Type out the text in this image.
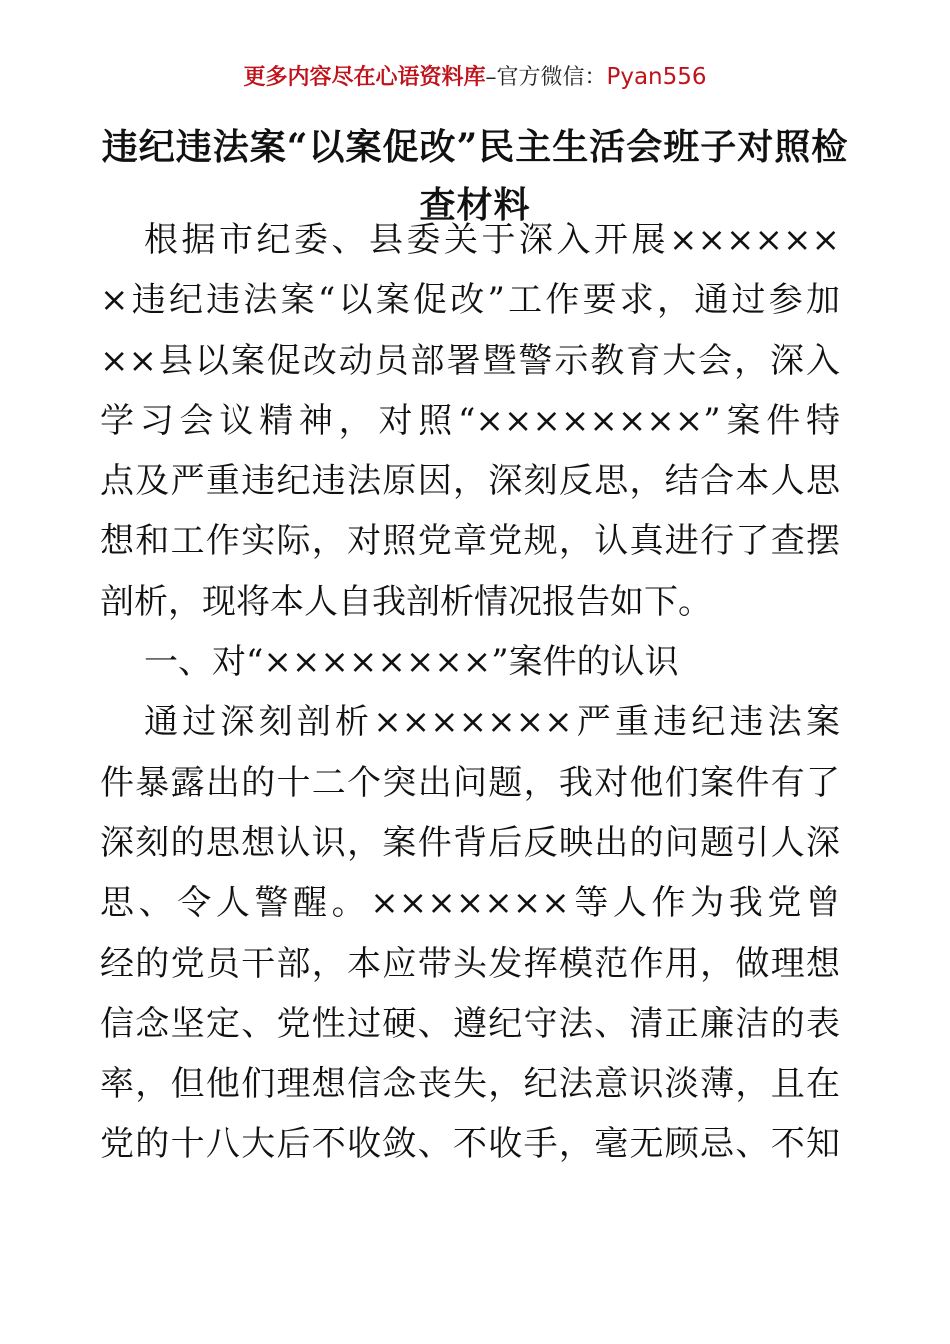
更多内容尽在心语资料库–官方微信：Pyan556
违纪违法案“以案促改”民主生活会班子对照检
查材料
根据市纪委、县委关于深入开展××××××
×违纪违法案“以案促改”工作要求，通过参加
××县以案促改动员部署暨警示教育大会，深入
学习会议精神，对照“××××××××”案件特
点及严重违纪违法原因，深刻反思，结合本人思
想和工作实际，对照党章党规，认真进行了查摆
剖析，现将本人自我剖析情况报告如下。
一、对“××××××××”案件的认识
通过深刻剖析×××××××严重违纪违法案
件暴露出的十二个突出问题，我对他们案件有了
深刻的思想认识，案件背后反映出的问题引人深
思、令人警醒。×××××××等人作为我党曾
经的党员干部，本应带头发挥模范作用，做理想
信念坚定、党性过硬、遵纪守法、清正廉洁的表
率，但他们理想信念丧失，纪法意识淡薄，且在
党的十八大后不收敛、不收手，毫无顾忌、不知
